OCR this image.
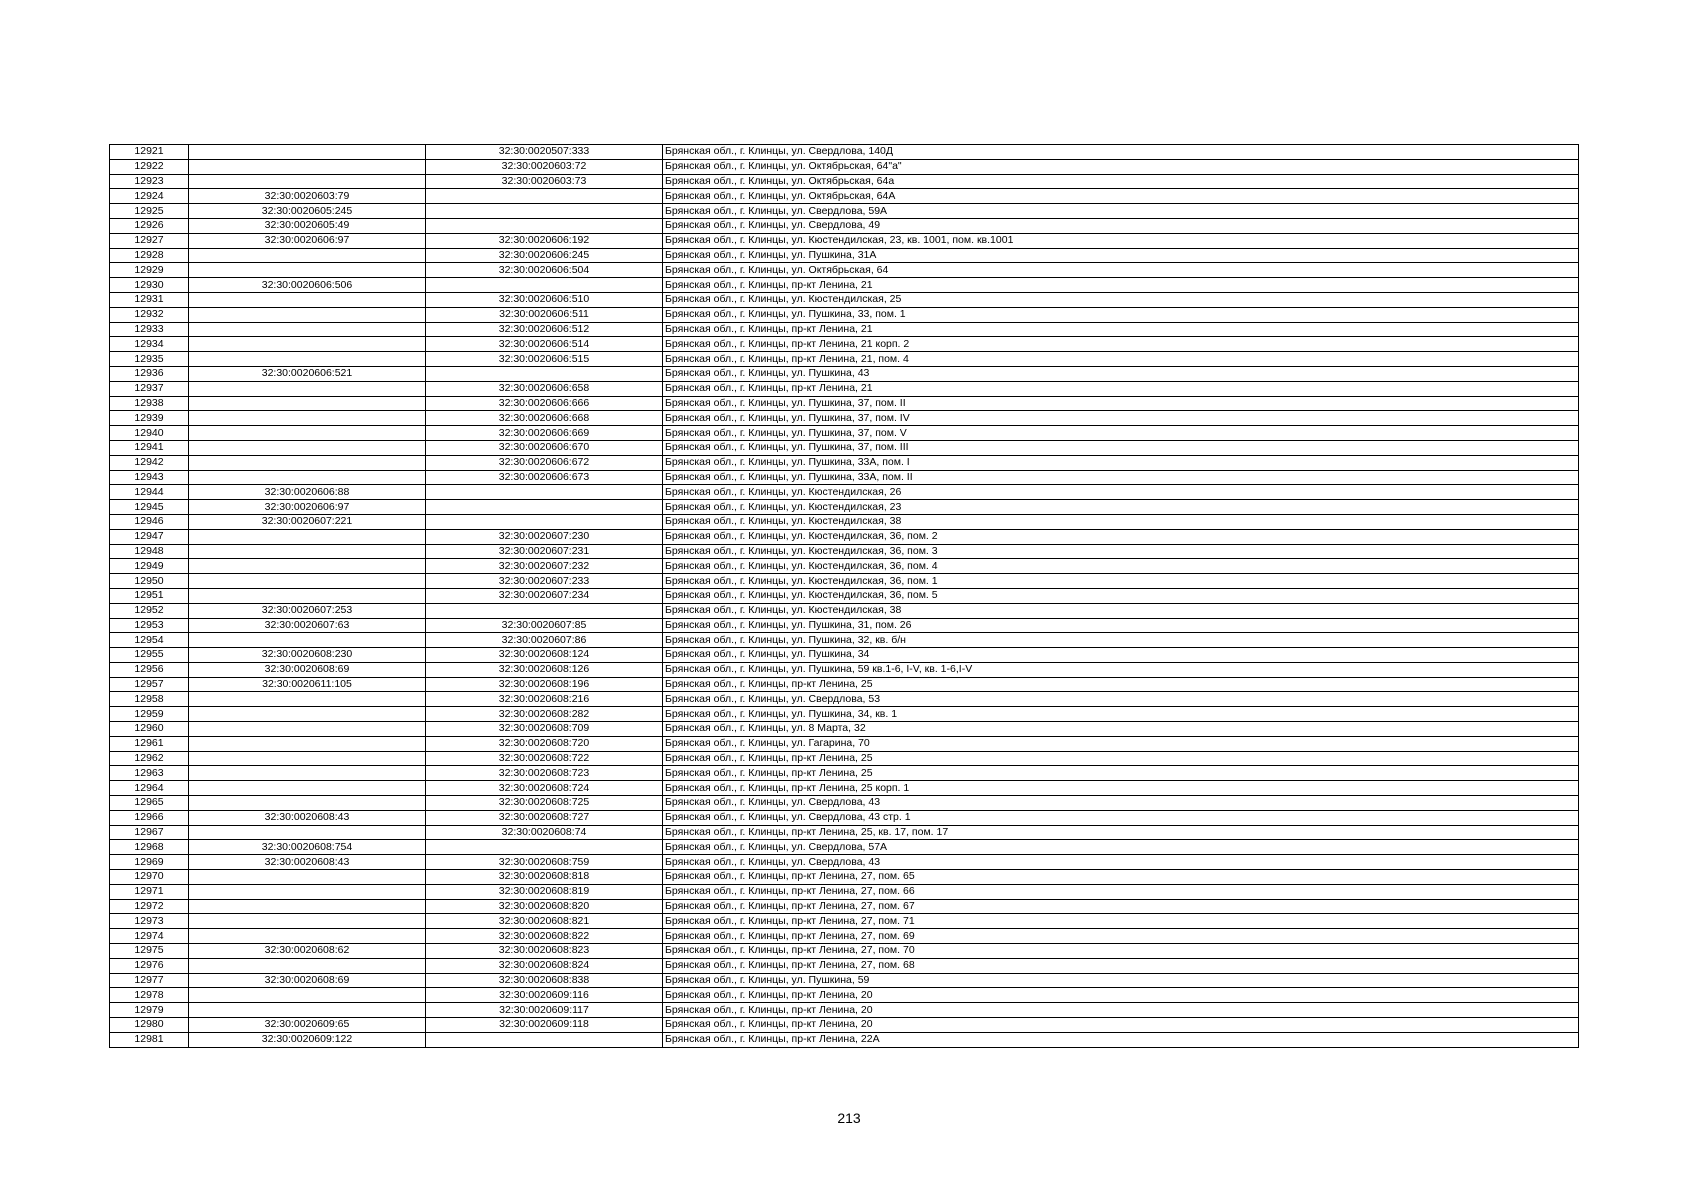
12921		32:30:0020507:333	Брянская обл., г. Клинцы, ул. Свердлова, 140Д
12922		32:30:0020603:72	Брянская обл., г. Клинцы, ул. Октябрьская, 64"а"
12923		32:30:0020603:73	Брянская обл., г. Клинцы, ул. Октябрьская, 64а
12924	32:30:0020603:79		Брянская обл., г. Клинцы, ул. Октябрьская, 64А
12925	32:30:0020605:245		Брянская обл., г. Клинцы, ул. Свердлова, 59А
12926	32:30:0020605:49		Брянская обл., г. Клинцы, ул. Свердлова, 49
12927	32:30:0020606:97	32:30:0020606:192	Брянская обл., г. Клинцы, ул. Кюстендилская, 23, кв. 1001, пом. кв.1001
12928		32:30:0020606:245	Брянская обл., г. Клинцы, ул. Пушкина, 31А
12929		32:30:0020606:504	Брянская обл., г. Клинцы, ул. Октябрьская, 64
12930	32:30:0020606:506		Брянская обл., г. Клинцы, пр-кт Ленина, 21
12931		32:30:0020606:510	Брянская обл., г. Клинцы, ул. Кюстендилская, 25
12932		32:30:0020606:511	Брянская обл., г. Клинцы, ул. Пушкина, 33, пом. 1
12933		32:30:0020606:512	Брянская обл., г. Клинцы, пр-кт Ленина, 21
12934		32:30:0020606:514	Брянская обл., г. Клинцы, пр-кт Ленина, 21 корп. 2
12935		32:30:0020606:515	Брянская обл., г. Клинцы, пр-кт Ленина, 21, пом. 4
12936	32:30:0020606:521		Брянская обл., г. Клинцы, ул. Пушкина, 43
12937		32:30:0020606:658	Брянская обл., г. Клинцы, пр-кт Ленина, 21
12938		32:30:0020606:666	Брянская обл., г. Клинцы, ул. Пушкина, 37, пом. II
12939		32:30:0020606:668	Брянская обл., г. Клинцы, ул. Пушкина, 37, пом. IV
12940		32:30:0020606:669	Брянская обл., г. Клинцы, ул. Пушкина, 37, пом. V
12941		32:30:0020606:670	Брянская обл., г. Клинцы, ул. Пушкина, 37, пом. III
12942		32:30:0020606:672	Брянская обл., г. Клинцы, ул. Пушкина, 33А, пом. I
12943		32:30:0020606:673	Брянская обл., г. Клинцы, ул. Пушкина, 33А, пом. II
12944	32:30:0020606:88		Брянская обл., г. Клинцы, ул. Кюстендилская, 26
12945	32:30:0020606:97		Брянская обл., г. Клинцы, ул. Кюстендилская, 23
12946	32:30:0020607:221		Брянская обл., г. Клинцы, ул. Кюстендилская, 38
12947		32:30:0020607:230	Брянская обл., г. Клинцы, ул. Кюстендилская, 36, пом. 2
12948		32:30:0020607:231	Брянская обл., г. Клинцы, ул. Кюстендилская, 36, пом. 3
12949		32:30:0020607:232	Брянская обл., г. Клинцы, ул. Кюстендилская, 36, пом. 4
12950		32:30:0020607:233	Брянская обл., г. Клинцы, ул. Кюстендилская, 36, пом. 1
12951		32:30:0020607:234	Брянская обл., г. Клинцы, ул. Кюстендилская, 36, пом. 5
12952	32:30:0020607:253		Брянская обл., г. Клинцы, ул. Кюстендилская, 38
12953	32:30:0020607:63	32:30:0020607:85	Брянская обл., г. Клинцы, ул. Пушкина, 31, пом. 26
12954		32:30:0020607:86	Брянская обл., г. Клинцы, ул. Пушкина, 32, кв. б/н
12955	32:30:0020608:230	32:30:0020608:124	Брянская обл., г. Клинцы, ул. Пушкина, 34
12956	32:30:0020608:69	32:30:0020608:126	Брянская обл., г. Клинцы, ул. Пушкина, 59 кв.1-6, I-V, кв. 1-6,I-V
12957	32:30:0020611:105	32:30:0020608:196	Брянская обл., г. Клинцы, пр-кт Ленина, 25
12958		32:30:0020608:216	Брянская обл., г. Клинцы, ул. Свердлова, 53
12959		32:30:0020608:282	Брянская обл., г. Клинцы, ул. Пушкина, 34, кв. 1
12960		32:30:0020608:709	Брянская обл., г. Клинцы, ул. 8 Марта, 32
12961		32:30:0020608:720	Брянская обл., г. Клинцы, ул. Гагарина, 70
12962		32:30:0020608:722	Брянская обл., г. Клинцы, пр-кт Ленина, 25
12963		32:30:0020608:723	Брянская обл., г. Клинцы, пр-кт Ленина, 25
12964		32:30:0020608:724	Брянская обл., г. Клинцы, пр-кт Ленина, 25 корп. 1
12965		32:30:0020608:725	Брянская обл., г. Клинцы, ул. Свердлова, 43
12966	32:30:0020608:43	32:30:0020608:727	Брянская обл., г. Клинцы, ул. Свердлова, 43 стр. 1
12967		32:30:0020608:74	Брянская обл., г. Клинцы, пр-кт Ленина, 25, кв. 17, пом. 17
12968	32:30:0020608:754		Брянская обл., г. Клинцы, ул. Свердлова, 57А
12969	32:30:0020608:43	32:30:0020608:759	Брянская обл., г. Клинцы, ул. Свердлова, 43
12970		32:30:0020608:818	Брянская обл., г. Клинцы, пр-кт Ленина, 27, пом. 65
12971		32:30:0020608:819	Брянская обл., г. Клинцы, пр-кт Ленина, 27, пом. 66
12972		32:30:0020608:820	Брянская обл., г. Клинцы, пр-кт Ленина, 27, пом. 67
12973		32:30:0020608:821	Брянская обл., г. Клинцы, пр-кт Ленина, 27, пом. 71
12974		32:30:0020608:822	Брянская обл., г. Клинцы, пр-кт Ленина, 27, пом. 69
12975	32:30:0020608:62	32:30:0020608:823	Брянская обл., г. Клинцы, пр-кт Ленина, 27, пом. 70
12976		32:30:0020608:824	Брянская обл., г. Клинцы, пр-кт Ленина, 27, пом. 68
12977	32:30:0020608:69	32:30:0020608:838	Брянская обл., г. Клинцы, ул. Пушкина, 59
12978		32:30:0020609:116	Брянская обл., г. Клинцы, пр-кт Ленина, 20
12979		32:30:0020609:117	Брянская обл., г. Клинцы, пр-кт Ленина, 20
12980	32:30:0020609:65	32:30:0020609:118	Брянская обл., г. Клинцы, пр-кт Ленина, 20
12981	32:30:0020609:122		Брянская обл., г. Клинцы, пр-кт Ленина, 22А
213
